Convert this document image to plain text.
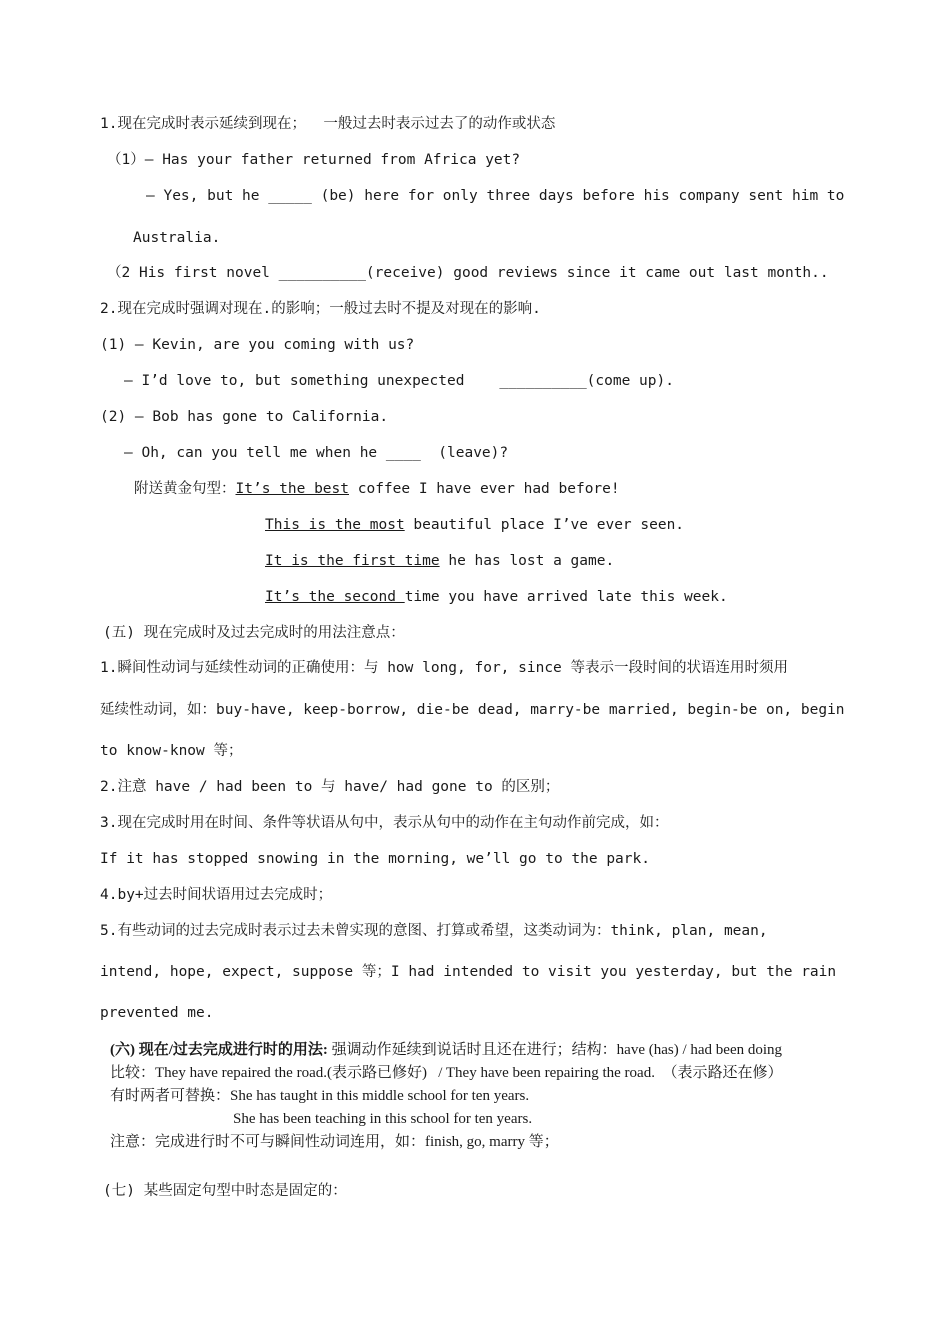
1.现在完成时表示延续到现在；  一般过去时表示过去了的动作或状态
（1）— Has your father returned from Africa yet?
— Yes, but he _____ (be) here for only three days before his company sent him to
Australia.
（2 His first novel __________(receive) good reviews since it came out last month..
2.现在完成时强调对现在.的影响；一般过去时不提及对现在的影响.
(1) — Kevin, are you coming with us?
— I’d love to, but something unexpected    __________(come up).
(2) — Bob has gone to California.
— Oh, can you tell me when he ____  (leave)?
附送黄金句型：It’s the best coffee I have ever had before!
This is the most beautiful place I’ve ever seen.
It is the first time he has lost a game.
It’s the second time you have arrived late this week.
(五) 现在完成时及过去完成时的用法注意点：
1.瞬间性动词与延续性动词的正确使用：与 how long, for, since 等表示一段时间的状语连用时须用
延续性动词，如：buy-have, keep-borrow, die-be dead, marry-be married, begin-be on, begin
to know-know 等；
2.注意 have / had been to 与 have/ had gone to 的区别；
3.现在完成时用在时间、条件等状语从句中，表示从句中的动作在主句动作前完成，如：
If it has stopped snowing in the morning, we’ll go to the park.
4.by+过去时间状语用过去完成时；
5.有些动词的过去完成时表示过去未曾实现的意图、打算或希望，这类动词为：think, plan, mean,
intend, hope, expect, suppose 等；I had intended to visit you yesterday, but the rain
prevented me.
(六) 现在/过去完成进行时的用法: 强调动作延续到说话时且还在进行；结构：have (has) / had been doing
比较：They have repaired the road.(表示路已修好)   / They have been repairing the road.  （表示路还在修）
有时两者可替换：She has taught in this middle school for ten years.
She has been teaching in this school for ten years.
注意：完成进行时不可与瞬间性动词连用，如：finish, go, marry 等；
(七) 某些固定句型中时态是固定的：
